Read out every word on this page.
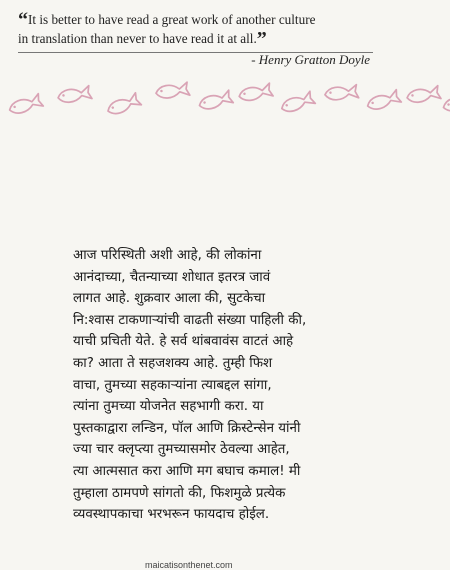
“It is better to have read a great work of another culture
in translation than never to have read it at all.”

- Henry Gratton Doyle

आज परिस्थिती अशी आहे, की लोकांना
आनंदाच्या, चैतन्याच्या शोधात इतरत्र जावं
लागत आहे. शुक्रवार आला की, सुटकेचा
नि:श्वास टाकणाऱ्यांची वाढती संख्या पाहिली की,
याची प्रचिती येते. हे सर्व थांबवावंस वाटतं आहे
का? आता ते सहजशक्य आहे. तुम्ही फिश
वाचा, तुमच्या सहकाऱ्यांना त्याबद्दल सांगा,
त्यांना तुमच्या योजनेत सहभागी करा. या
पुस्तकाद्वारा लन्डिन, पॉल आणि क्रिस्टेन्सेन यांनी
ज्या चार क्लृप्त्या तुमच्यासमोर ठेवल्या आहेत,
त्या आत्मसात करा आणि मग बघाच कमाल! मी
तुम्हाला ठामपणे सांगतो की, फिशमुळे प्रत्येक
व्यवस्थापकाचा भरभरून फायदाच होईल.
maicatisonthenet.com
